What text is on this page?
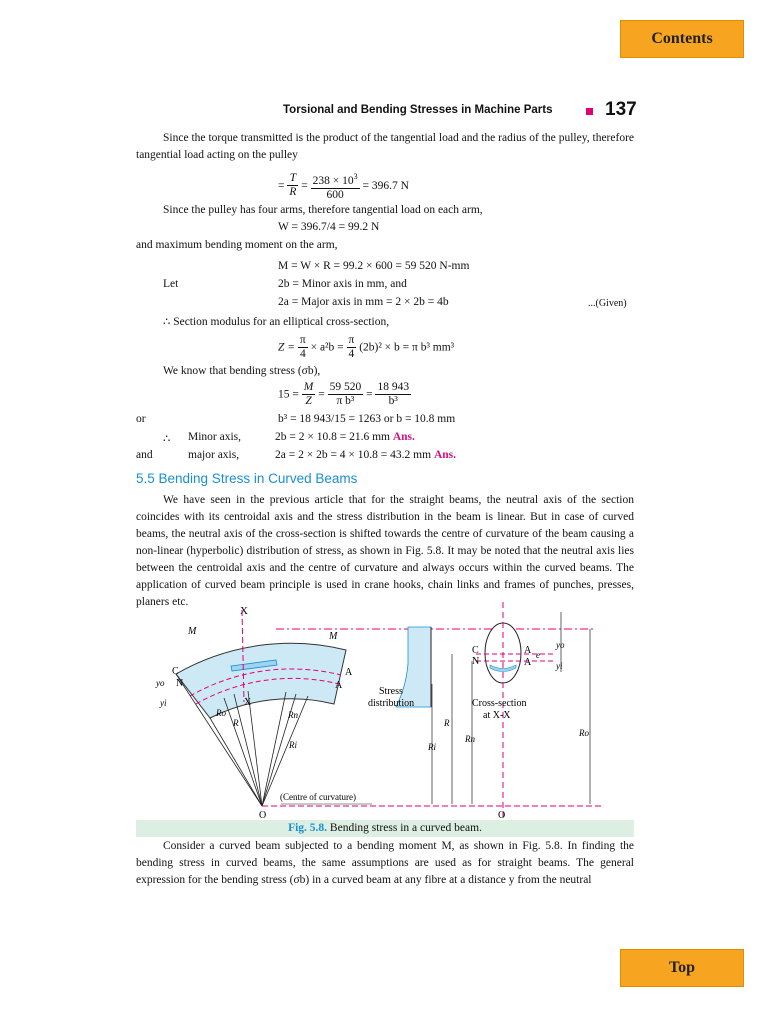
Contents
Top
Torsional and Bending Stresses in Machine Parts	137
Since the torque transmitted is the product of the tangential load and the radius of the pulley, therefore tangential load acting on the pulley
= $\frac{T}{R} = \frac{238 \times 10^3}{600} = 396.7$ N
Since the pulley has four arms, therefore tangential load on each arm,
W = 396.7/4 = 99.2 N
and maximum bending moment on the arm,
M = W × R = 99.2 × 600 = 59 520 N-mm
Let	2b = Minor axis in mm, and
2a = Major axis in mm = 2 × 2b = 4b	...(Given)
∴ Section modulus for an elliptical cross-section,
$Z = \frac{\pi}{4} \times a^2b = \frac{\pi}{4} (2b)^2 \times b = \pi$ b³ mm³
We know that bending stress (σb),
$15 = \frac{M}{Z} = \frac{59 520}{\text{π b³}} = \frac{18 943}{\text{b³}}$
or	b³ = 18 943/15 = 1263 or b = 10.8 mm
∴ Minor axis,	2b = 2 × 10.8 = 21.6 mm Ans.
and	major axis,	2a = 2 × 2b = 4 × 10.8 = 43.2 mm Ans.
5.5 Bending Stress in Curved Beams
We have seen in the previous article that for the straight beams, the neutral axis of the section coincides with its centroidal axis and the stress distribution in the beam is linear. But in case of curved beams, the neutral axis of the cross-section is shifted towards the centre of curvature of the beam causing a non-linear (hyperbolic) distribution of stress, as shown in Fig. 5.8. It may be noted that the neutral axis lies between the centroidal axis and the centre of curvature and always occurs within the curved beams. The application of curved beam principle is used in crane hooks, chain links and frames of punches, presses, planers etc.
X
M	M
C
N
A
A
yo
yi	X
Ro
R
Rn
Ri
Stress
distribution
C
N
A
A
e
yo
yi
Cross-section
at X-X
R
Rn
Ri
Ro
(Centre of curvature)
O	O
Fig. 5.8. Bending stress in a curved beam.
Consider a curved beam subjected to a bending moment M, as shown in Fig. 5.8. In finding the bending stress in curved beams, the same assumptions are used as for straight beams. The general expression for the bending stress (σb) in a curved beam at any fibre at a distance y from the neutral
